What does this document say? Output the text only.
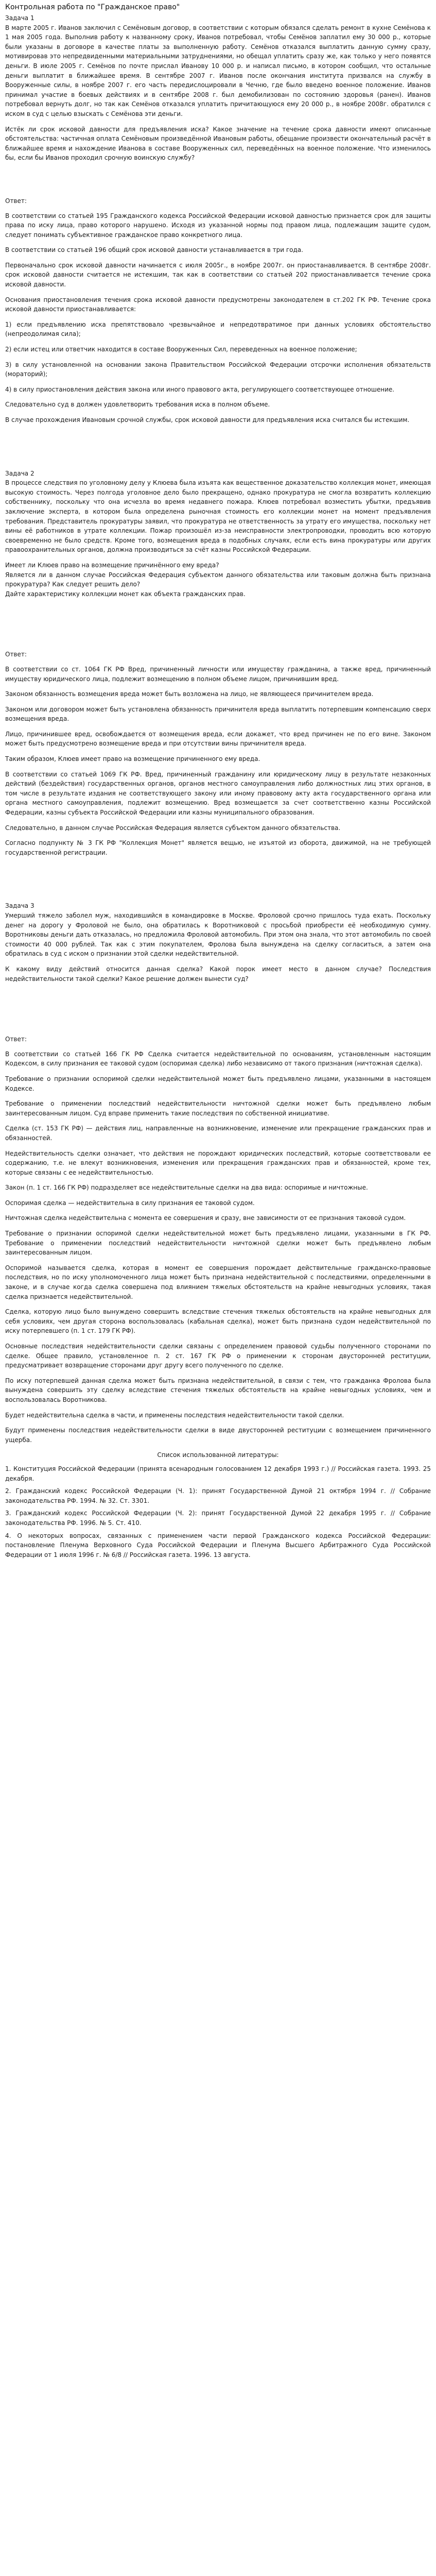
Контрольная работа по "Гражданское право"

Задача 1

В марте 2005 г. Иванов заключил с Семёновым договор, в соответствии с которым обязался сделать ремонт в кухне Семёнова к 1 мая 2005 года. Выполнив работу к названному сроку, Иванов потребовал, чтобы Семёнов заплатил ему 30 000 р., которые были указаны в договоре в качестве платы за выполненную работу. Семёнов отказался выплатить данную сумму сразу, мотивировав это непредвиденными материальными затруднениями, но обещал уплатить сразу же, как только у него появятся деньги. В июле 2005 г. Семёнов по почте прислал Иванову 10 000 р. и написал письмо, в котором сообщил, что остальные деньги выплатит в ближайшее время. В сентябре 2007 г. Иванов после окончания института призвался на службу в Вооруженные силы, в ноябре 2007 г. его часть передислоцировали в Чечню, где было введено военное положение. Иванов принимал участие в боевых действиях и в сентябре 2008 г. был демобилизован по состоянию здоровья (ранен). Иванов потребовал вернуть долг, но так как Семёнов отказался уплатить причитающуюся ему 20 000 р., в ноябре 2008г. обратился с иском в суд с целью взыскать с Семёнова эти деньги.

Истёк ли срок исковой давности для предъявления иска? Какое значение на течение срока давности имеют описанные обстоятельства: частичная оплата Семёновым произведённой Ивановым работы, обещание произвести окончательный расчёт в ближайшее время и нахождение Иванова в составе Вооруженных сил, переведённых на военное положение. Что изменилось бы, если бы Иванов проходил срочную воинскую службу?

Ответ:

В соответствии со статьей 195 Гражданского кодекса Российской Федерации исковой давностью признается срок для защиты права по иску лица, право которого нарушено. Исходя из указанной нормы под правом лица, подлежащим защите судом, следует понимать субъективное гражданское право конкретного лица.

В соответствии со статьей 196 общий срок исковой давности устанавливается в три года.

Первоначально срок исковой давности начинается с июля 2005г., в ноябре 2007г. он приостанавливается. В сентябре 2008г. срок исковой давности считается не истекшим, так как в соответствии со статьей 202 приостанавливается течение срока исковой давности.

Основания приостановления течения срока исковой давности предусмотрены законодателем в ст.202 ГК РФ. Течение срока исковой давности приостанавливается:

1) если предъявлению иска препятствовало чрезвычайное и непредотвратимое при данных условиях обстоятельство (непреодолимая сила);

2) если истец или ответчик находится в составе Вооруженных Сил, переведенных на военное положение;

3) в силу установленной на основании закона Правительством Российской Федерации отсрочки исполнения обязательств (мораторий);

4) в силу приостановления действия закона или иного правового акта, регулирующего соответствующее отношение.

Следовательно суд в должен удовлетворить требования иска в полном объеме.

В случае прохождения Ивановым срочной службы, срок исковой давности для предъявления иска считался бы истекшим.

Задача 2

В процессе следствия по уголовному делу у Клюева была изъята как вещественное доказательство коллекция монет, имеющая высокую стоимость. Через полгода уголовное дело было прекращено, однако прокуратура не смогла возвратить коллекцию собственнику, поскольку что она исчезла во время недавнего пожара. Клюев потребовал возместить убытки, предъявив заключение эксперта, в котором была определена рыночная стоимость его коллекции монет на момент предъявления требования. Представитель прокуратуры заявил, что прокуратура не ответственность за утрату его имущества, поскольку нет вины её работников в утрате коллекции. Пожар произошёл из-за неисправности электропроводки, проводить всю которую своевременно не было средств. Кроме того, возмещения вреда в подобных случаях, если есть вина прокуратуры или других правоохранительных органов, должна производиться за счёт казны Российской Федерации.

Имеет ли Клюев право на возмещение причинённого ему вреда?
Является ли в данном случае Российская Федерация субъектом данного обязательства или таковым должна быть признана прокуратура? Как следует решить дело?
Дайте характеристику коллекции монет как объекта гражданских прав.

Ответ:

В соответствии со ст. 1064 ГК РФ Вред, причиненный личности или имуществу гражданина, а также вред, причиненный имуществу юридического лица, подлежит возмещению в полном объеме лицом, причинившим вред.

Законом обязанность возмещения вреда может быть возложена на лицо, не являющееся причинителем вреда.

Законом или договором может быть установлена обязанность причинителя вреда выплатить потерпевшим компенсацию сверх возмещения вреда.

Лицо, причинившее вред, освобождается от возмещения вреда, если докажет, что вред причинен не по его вине. Законом может быть предусмотрено возмещение вреда и при отсутствии вины причинителя вреда.

Таким образом, Клюев имеет право на возмещение причиненного ему вреда.

В соответствии со статьей 1069 ГК РФ. Вред, причиненный гражданину или юридическому лицу в результате незаконных действий (бездействия) государственных органов, органов местного самоуправления либо должностных лиц этих органов, в том числе в результате издания не соответствующего закону или иному правовому акту акта государственного органа или органа местного самоуправления, подлежит возмещению. Вред возмещается за счет соответственно казны Российской Федерации, казны субъекта Российской Федерации или казны муниципального образования.

Следовательно, в данном случае Российская Федерация является субъектом данного обязательства.

Согласно подпункту № 3 ГК РФ "Коллекция Монет" является вещью, не изъятой из оборота, движимой, на не требующей государственной регистрации.

Задача 3

Умерший тяжело заболел муж, находившийся в командировке в Москве. Фроловой срочно пришлось туда ехать. Поскольку денег на дорогу у Фроловой не было, она обратилась к Воротниковой с просьбой приобрести её необходимую сумму. Воротниковы деньги дать отказалась, но предложила Фроловой автомобиль. При этом она знала, что этот автомобиль по своей стоимости 40 000 рублей. Так как с этим покупателем, Фролова была вынуждена на сделку согласиться, а затем она обратилась в суд с иском о признании этой сделки недействительной.

К какому виду действий относится данная сделка? Какой порок имеет место в данном случае? Последствия недействительности такой сделки? Какое решение должен вынести суд?

Ответ:

В соответствии со статьей 166 ГК РФ Сделка считается недействительной по основаниям, установленным настоящим Кодексом, в силу признания ее таковой судом (оспоримая сделка) либо независимо от такого признания (ничтожная сделка).

Требование о признании оспоримой сделки недействительной может быть предъявлено лицами, указанными в настоящем Кодексе.

Требование о применении последствий недействительности ничтожной сделки может быть предъявлено любым заинтересованным лицом. Суд вправе применить такие последствия по собственной инициативе.

Сделка (ст. 153 ГК РФ) — действия лиц, направленные на возникновение, изменение или прекращение гражданских прав и обязанностей.

Недействительность сделки означает, что действия не порождают юридических последствий, которые соответствовали ее содержанию, т.е. не влекут возникновения, изменения или прекращения гражданских прав и обязанностей, кроме тех, которые связаны с ее недействительностью.

Закон (п. 1 ст. 166 ГК РФ) подразделяет все недействительные сделки на два вида: оспоримые и ничтожные.

Оспоримая сделка — недействительна в силу признания ее таковой судом.

Ничтожная сделка недействительна с момента ее совершения и сразу, вне зависимости от ее признания таковой судом.

Требование о признании оспоримой сделки недействительной может быть предъявлено лицами, указанными в ГК РФ. Требование о применении последствий недействительности ничтожной сделки может быть предъявлено любым заинтересованным лицом.

Оспоримой называется сделка, которая в момент ее совершения порождает действительные гражданско-правовые последствия, но по иску уполномоченного лица может быть признана недействительной с последствиями, определенными в законе, и в случае когда сделка совершена под влиянием тяжелых обстоятельств на крайне невыгодных условиях, такая сделка признается недействительной.

Сделка, которую лицо было вынуждено совершить вследствие стечения тяжелых обстоятельств на крайне невыгодных для себя условиях, чем другая сторона воспользовалась (кабальная сделка), может быть признана судом недействительной по иску потерпевшего (п. 1 ст. 179 ГК РФ).

Основные последствия недействительности сделки связаны с определением правовой судьбы полученного сторонами по сделке. Общее правило, установленное п. 2 ст. 167 ГК РФ о применении к сторонам двусторонней реституции, предусматривает возвращение сторонами друг другу всего полученного по сделке.

По иску потерпевшей данная сделка может быть признана недействительной, в связи с тем, что гражданка Фролова была вынуждена совершить эту сделку вследствие стечения тяжелых обстоятельств на крайне невыгодных условиях, чем и воспользовалась Воротникова.

Будет недействительна сделка в части, и применены последствия недействительности такой сделки.

Будут применены последствия недействительности сделки в виде двусторонней реституции с возмещением причиненного ущерба.

Список использованной литературы:

1. Конституция Российской Федерации (принята всенародным голосованием 12 декабря 1993 г.) // Российская газета. 1993. 25 декабря.

2. Гражданский кодекс Российской Федерации (Ч. 1): принят Государственной Думой 21 октября 1994 г. // Собрание законодательства РФ. 1994. № 32. Ст. 3301.

3. Гражданский кодекс Российской Федерации (Ч. 2): принят Государственной Думой 22 декабря 1995 г. // Собрание законодательства РФ. 1996. № 5. Ст. 410.

4. О некоторых вопросах, связанных с применением части первой Гражданского кодекса Российской Федерации: постановление Пленума Верховного Суда Российской Федерации и Пленума Высшего Арбитражного Суда Российской Федерации от 1 июля 1996 г. № 6/8 // Российская газета. 1996. 13 августа.
